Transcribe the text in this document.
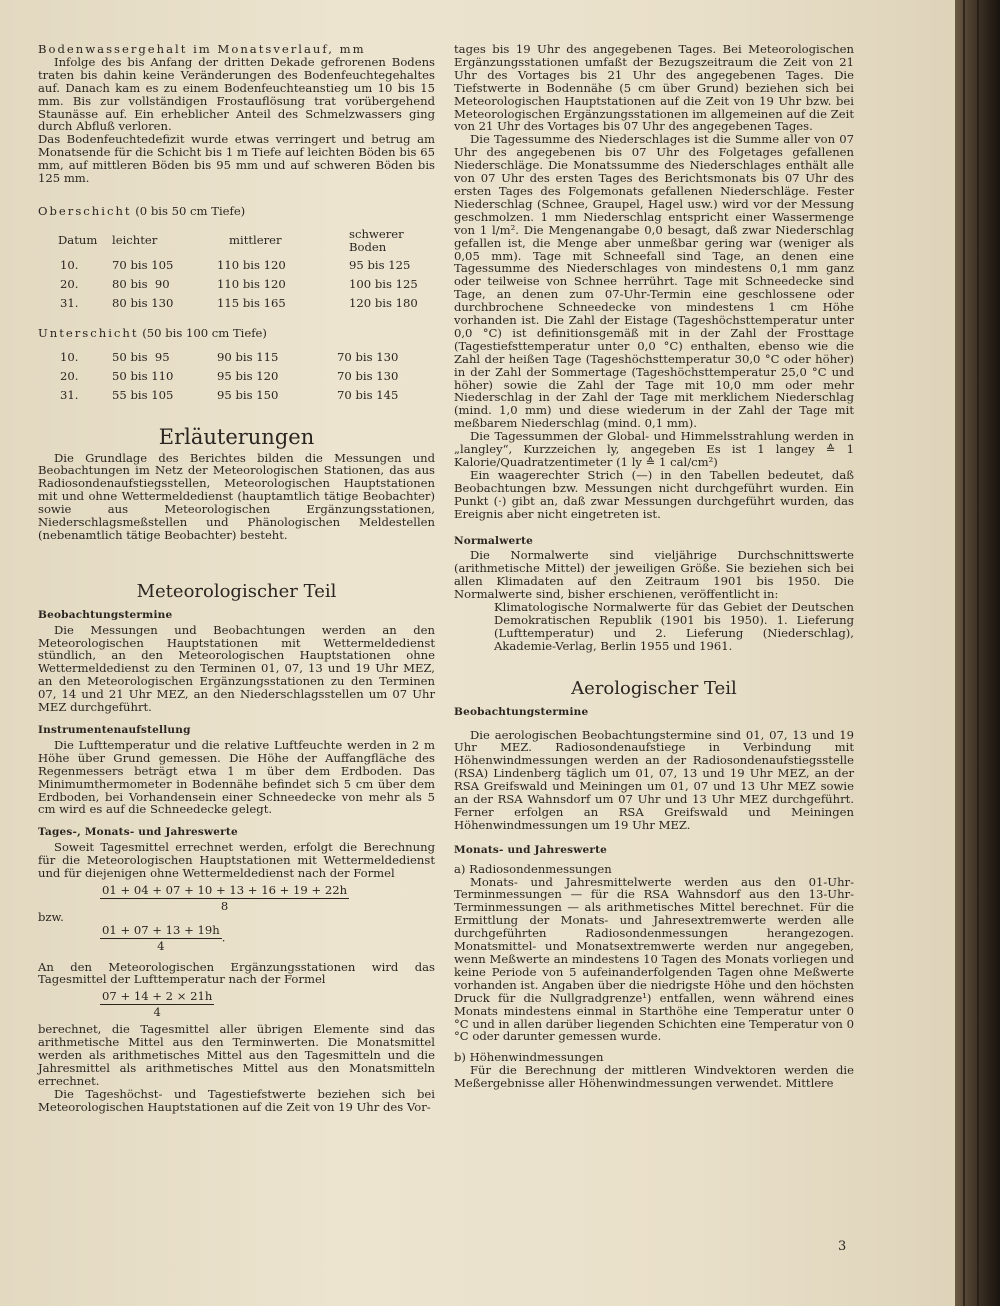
Bodenwassergehalt im Monatsverlauf, mm

Infolge des bis Anfang der dritten Dekade gefrorenen Bodens traten bis dahin keine Veränderungen des Bodenfeuchtegehaltes auf. Danach kam es zu einem Bodenfeuchteanstieg um 10 bis 15 mm. Bis zur vollständigen Frostauflösung trat vorübergehend Staunässe auf. Ein erheblicher Anteil des Schmelzwassers ging durch Abfluß verloren.

Das Bodenfeuchtedefizit wurde etwas verringert und betrug am Monatsende für die Schicht bis 1 m Tiefe auf leichten Böden bis 65 mm, auf mittleren Böden bis 95 mm und auf schweren Böden bis 125 mm.

Oberschicht (0 bis 50 cm Tiefe)

Datum	leichter	mittlerer	schwerer Boden
10.	70 bis 105	110 bis 120	95 bis 125
20.	80 bis  90	110 bis 120	100 bis 125
31.	80 bis 130	115 bis 165	120 bis 180

Unterschicht (50 bis 100 cm Tiefe)

10.	50 bis  95	90 bis 115	70 bis 130
20.	50 bis 110	95 bis 120	70 bis 130
31.	55 bis 105	95 bis 150	70 bis 145
Erläuterungen

Die Grundlage des Berichtes bilden die Messungen und Beobachtungen im Netz der Meteorologischen Stationen, das aus Radiosondenaufstiegsstellen, Meteorologischen Hauptstationen mit und ohne Wettermeldedienst (hauptamtlich tätige Beobachter) sowie aus Meteorologischen Ergänzungsstationen, Niederschlagsmeßstellen und Phänologischen Meldestellen (nebenamtlich tätige Beobachter) besteht.

Meteorologischer Teil
Beobachtungstermine

Die Messungen und Beobachtungen werden an den Meteorologischen Hauptstationen mit Wettermeldedienst stündlich, an den Meteorologischen Hauptstationen ohne Wettermeldedienst zu den Terminen 01, 07, 13 und 19 Uhr MEZ, an den Meteorologischen Ergänzungsstationen zu den Terminen 07, 14 und 21 Uhr MEZ, an den Niederschlagsstellen um 07 Uhr MEZ durchgeführt.

Instrumentenaufstellung

Die Lufttemperatur und die relative Luftfeuchte werden in 2 m Höhe über Grund gemessen. Die Höhe der Auffangfläche des Regenmessers beträgt etwa 1 m über dem Erdboden. Das Minimumthermometer in Bodennähe befindet sich 5 cm über dem Erdboden, bei Vorhandensein einer Schneedecke von mehr als 5 cm wird es auf die Schneedecke gelegt.

Tages-, Monats- und Jahreswerte

Soweit Tagesmittel errechnet werden, erfolgt die Berechnung für die Meteorologischen Hauptstationen mit Wettermeldedienst und für diejenigen ohne Wettermeldedienst nach der Formel

$\frac{01 + 04 + 07 + 10 + 13 + 16 + 19 + 22h}{8}$

bzw.

$\frac{01 + 07 + 13 + 19h}{4}$ .

An den Meteorologischen Ergänzungsstationen wird das Tagesmittel der Lufttemperatur nach der Formel

$\frac{07 + 14 + 2 \times 21h}{4}$

berechnet, die Tagesmittel aller übrigen Elemente sind das arithmetische Mittel aus den Terminwerten. Die Monatsmittel werden als arithmetisches Mittel aus den Tagesmitteln und die Jahresmittel als arithmetisches Mittel aus den Monatsmitteln errechnet.

Die Tageshöchst- und Tagestiefstwerte beziehen sich bei Meteorologischen Hauptstationen auf die Zeit von 19 Uhr des Vor-

tages bis 19 Uhr des angegebenen Tages. Bei Meteorologischen Ergänzungsstationen umfaßt der Bezugszeitraum die Zeit von 21 Uhr des Vortages bis 21 Uhr des angegebenen Tages. Die Tiefstwerte in Bodennähe (5 cm über Grund) beziehen sich bei Meteorologischen Hauptstationen auf die Zeit von 19 Uhr bzw. bei Meteorologischen Ergänzungsstationen im allgemeinen auf die Zeit von 21 Uhr des Vortages bis 07 Uhr des angegebenen Tages.

Die Tagessumme des Niederschlages ist die Summe aller von 07 Uhr des angegebenen bis 07 Uhr des Folgetages gefallenen Niederschläge. Die Monatssumme des Niederschlages enthält alle von 07 Uhr des ersten Tages des Berichtsmonats bis 07 Uhr des ersten Tages des Folgemonats gefallenen Niederschläge. Fester Niederschlag (Schnee, Graupel, Hagel usw.) wird vor der Messung geschmolzen. 1 mm Niederschlag entspricht einer Wassermenge von 1 l/m². Die Mengenangabe 0,0 besagt, daß zwar Niederschlag gefallen ist, die Menge aber unmeßbar gering war (weniger als 0,05 mm). Tage mit Schneefall sind Tage, an denen eine Tagessumme des Niederschlages von mindestens 0,1 mm ganz oder teilweise von Schnee herrührt. Tage mit Schneedecke sind Tage, an denen zum 07-Uhr-Termin eine geschlossene oder durchbrochene Schneedecke von mindestens 1 cm Höhe vorhanden ist. Die Zahl der Eistage (Tageshöchsttemperatur unter 0,0 °C) ist definitionsgemäß mit in der Zahl der Frosttage (Tagestiefsttemperatur unter 0,0 °C) enthalten, ebenso wie die Zahl der heißen Tage (Tageshöchsttemperatur 30,0 °C oder höher) in der Zahl der Sommertage (Tageshöchsttemperatur 25,0 °C und höher) sowie die Zahl der Tage mit 10,0 mm oder mehr Niederschlag in der Zahl der Tage mit merklichem Niederschlag (mind. 1,0 mm) und diese wiederum in der Zahl der Tage mit meßbarem Niederschlag (mind. 0,1 mm).

Die Tagessummen der Global- und Himmelsstrahlung werden in „langley“, Kurzzeichen ly, angegeben Es ist 1 langey ≙ 1 Kalorie/Quadratzentimeter (1 ly ≙ 1 cal/cm²)

Ein waagerechter Strich (—) in den Tabellen bedeutet, daß Beobachtungen bzw. Messungen nicht durchgeführt wurden. Ein Punkt (·) gibt an, daß zwar Messungen durchgeführt wurden, das Ereignis aber nicht eingetreten ist.

Normalwerte

Die Normalwerte sind vieljährige Durchschnittswerte (arithmetische Mittel) der jeweiligen Größe. Sie beziehen sich bei allen Klimadaten auf den Zeitraum 1901 bis 1950. Die Normalwerte sind, bisher erschienen, veröffentlicht in:

Klimatologische Normalwerte für das Gebiet der Deutschen Demokratischen Republik (1901 bis 1950). 1. Lieferung (Lufttemperatur) und 2. Lieferung (Niederschlag), Akademie-Verlag, Berlin 1955 und 1961.

Aerologischer Teil
Beobachtungstermine

Die aerologischen Beobachtungstermine sind 01, 07, 13 und 19 Uhr MEZ. Radiosondenaufstiege in Verbindung mit Höhenwindmessungen werden an der Radiosondenaufstiegsstelle (RSA) Lindenberg täglich um 01, 07, 13 und 19 Uhr MEZ, an der RSA Greifswald und Meiningen um 01, 07 und 13 Uhr MEZ sowie an der RSA Wahnsdorf um 07 Uhr und 13 Uhr MEZ durchgeführt. Ferner erfolgen an RSA Greifswald und Meiningen Höhenwindmessungen um 19 Uhr MEZ.

Monats- und Jahreswerte

a) Radiosondenmessungen

Monats- und Jahresmittelwerte werden aus den 01-Uhr-Terminmessungen — für die RSA Wahnsdorf aus den 13-Uhr-Terminmessungen — als arithmetisches Mittel berechnet. Für die Ermittlung der Monats- und Jahresextremwerte werden alle durchgeführten Radiosondenmessungen herangezogen. Monatsmittel- und Monatsextremwerte werden nur angegeben, wenn Meßwerte an mindestens 10 Tagen des Monats vorliegen und keine Periode von 5 aufeinanderfolgenden Tagen ohne Meßwerte vorhanden ist. Angaben über die niedrigste Höhe und den höchsten Druck für die Nullgradgrenze¹) entfallen, wenn während eines Monats mindestens einmal in Starthöhe eine Temperatur unter 0 °C und in allen darüber liegenden Schichten eine Temperatur von 0 °C oder darunter gemessen wurde.

b) Höhenwindmessungen

Für die Berechnung der mittleren Windvektoren werden die Meßergebnisse aller Höhenwindmessungen verwendet. Mittlere

3
